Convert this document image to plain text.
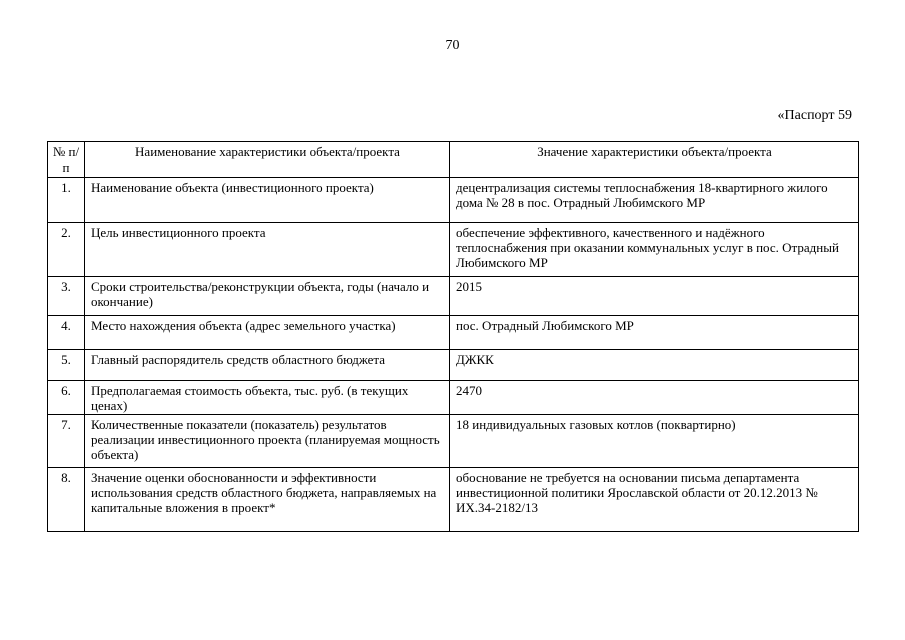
70
«Паспорт 59
№ п/п	Наименование характеристики объекта/проекта	Значение характеристики объекта/проекта
1.	Наименование объекта (инвестиционного проекта)	децентрализация системы теплоснабжения 18-квартирного жилого дома № 28 в пос. Отрадный Любимского МР
2.	Цель инвестиционного проекта	обеспечение эффективного, качественного и надёжного теплоснабжения при оказании коммунальных услуг в пос. Отрадный Любимского МР
3.	Сроки строительства/реконструкции объекта, годы (начало и окончание)	2015
4.	Место нахождения объекта (адрес земельного участка)	пос. Отрадный Любимского МР
5.	Главный распорядитель средств областного бюджета	ДЖКК
6.	Предполагаемая стоимость объекта, тыс. руб. (в текущих ценах)	2470
7.	Количественные показатели (показатель) результатов реализации инвестиционного проекта (планируемая мощность объекта)	18 индивидуальных газовых котлов (поквартирно)
8.	Значение оценки обоснованности и эффективности использования средств областного бюджета, направляемых на капитальные вложения в проект*	обоснование не требуется на основании письма департамента инвестиционной политики Ярославской области от 20.12.2013 № ИХ.34-2182/13
